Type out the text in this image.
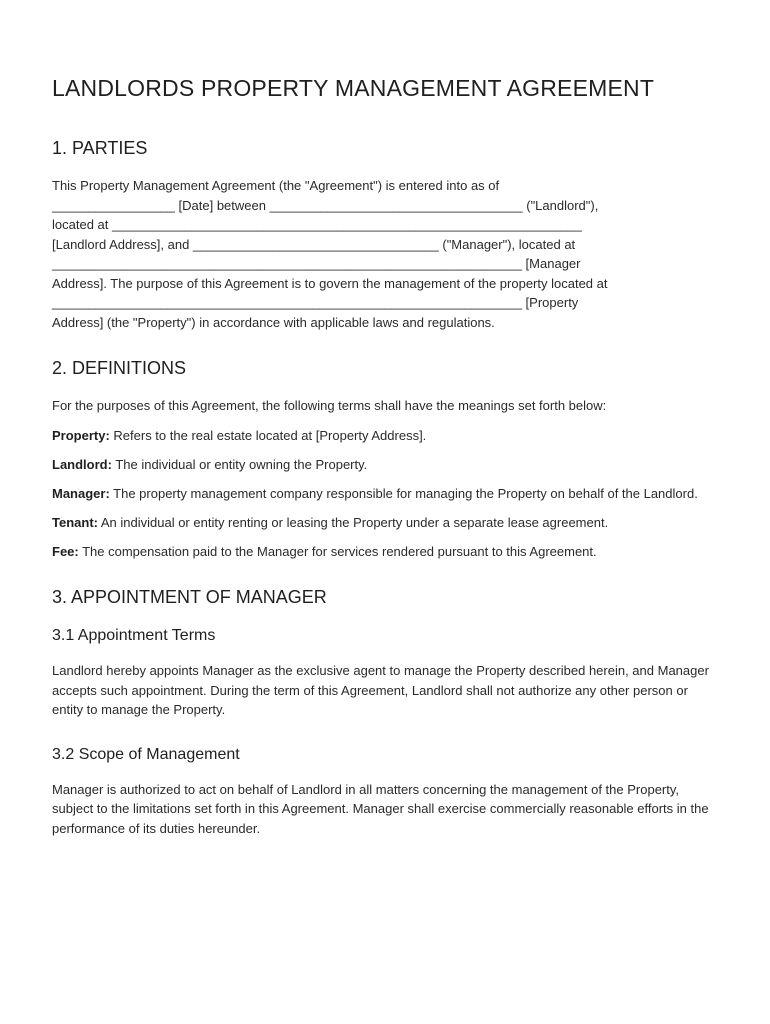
LANDLORDS PROPERTY MANAGEMENT AGREEMENT
1. PARTIES

This Property Management Agreement (the "Agreement") is entered into as of

_________________ [Date] between ___________________________________ ("Landlord"),

located at _________________________________________________________________

[Landlord Address], and __________________________________ ("Manager"), located at

_________________________________________________________________ [Manager

Address]. The purpose of this Agreement is to govern the management of the property located at

_________________________________________________________________ [Property

Address] (the "Property") in accordance with applicable laws and regulations.

2. DEFINITIONS

For the purposes of this Agreement, the following terms shall have the meanings set forth below:

Property: Refers to the real estate located at [Property Address].

Landlord: The individual or entity owning the Property.

Manager: The property management company responsible for managing the Property on behalf of the Landlord.

Tenant: An individual or entity renting or leasing the Property under a separate lease agreement.

Fee: The compensation paid to the Manager for services rendered pursuant to this Agreement.

3. APPOINTMENT OF MANAGER
3.1 Appointment Terms

Landlord hereby appoints Manager as the exclusive agent to manage the Property described herein, and Manager accepts such appointment. During the term of this Agreement, Landlord shall not authorize any other person or entity to manage the Property.

3.2 Scope of Management

Manager is authorized to act on behalf of Landlord in all matters concerning the management of the Property, subject to the limitations set forth in this Agreement. Manager shall exercise commercially reasonable efforts in the performance of its duties hereunder.
